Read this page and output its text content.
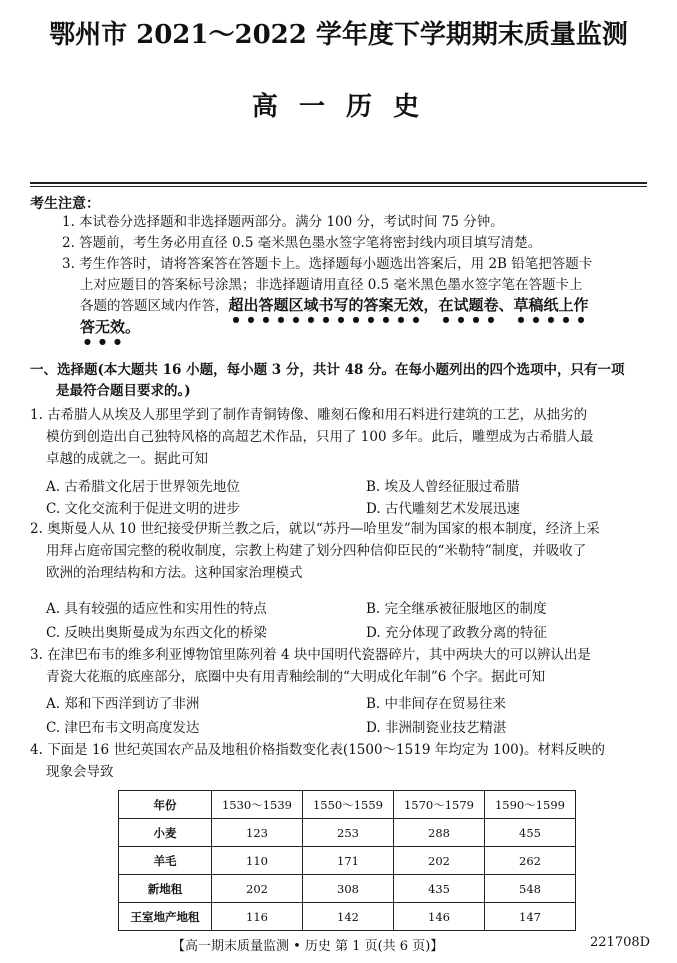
鄂州市 2021～2022 学年度下学期期末质量监测
高 一 历 史
考生注意：
1. 本试卷分选择题和非选择题两部分。满分 100 分，考试时间 75 分钟。
2. 答题前，考生务必用直径 0.5 毫米黑色墨水签字笔将密封线内项目填写清楚。
3. 考生作答时，请将答案答在答题卡上。选择题每小题选出答案后，用 2B 铅笔把答题卡
上对应题目的答案标号涂黑；非选择题请用直径 0.5 毫米黑色墨水签字笔在答题卡上
各题的答题区域内作答，超出答题区域书写的答案无效，在试题卷、草稿纸上作
答无效。
一、选择题(本大题共 16 小题，每小题 3 分，共计 48 分。在每小题列出的四个选项中，只有一项
是最符合题目要求的。)
1. 古希腊人从埃及人那里学到了制作青铜铸像、雕刻石像和用石料进行建筑的工艺，从拙劣的
模仿到创造出自己独特风格的高超艺术作品，只用了 100 多年。此后，雕塑成为古希腊人最
卓越的成就之一。据此可知
A. 古希腊文化居于世界领先地位	B. 埃及人曾经征服过希腊
C. 文化交流利于促进文明的进步	D. 古代雕刻艺术发展迅速
2. 奥斯曼人从 10 世纪接受伊斯兰教之后，就以“苏丹—哈里发”制为国家的根本制度，经济上采
用拜占庭帝国完整的税收制度，宗教上构建了划分四种信仰臣民的“米勒特”制度，并吸收了
欧洲的治理结构和方法。这种国家治理模式
A. 具有较强的适应性和实用性的特点	B. 完全继承被征服地区的制度
C. 反映出奥斯曼成为东西文化的桥梁	D. 充分体现了政教分离的特征
3. 在津巴布韦的维多利亚博物馆里陈列着 4 块中国明代瓷器碎片，其中两块大的可以辨认出是
青瓷大花瓶的底座部分，底圈中央有用青釉绘制的“大明成化年制”6 个字。据此可知
A. 郑和下西洋到访了非洲	B. 中非间存在贸易往来
C. 津巴布韦文明高度发达	D. 非洲制瓷业技艺精湛
4. 下面是 16 世纪英国农产品及地租价格指数变化表(1500～1519 年均定为 100)。材料反映的
现象会导致
年份	1530～1539	1550～1559	1570～1579	1590～1599
小麦	123	253	288	455
羊毛	110	171	202	262
新地租	202	308	435	548
王室地产地租	116	142	146	147
【高一期末质量监测 • 历史 第 1 页(共 6 页)】	221708D
